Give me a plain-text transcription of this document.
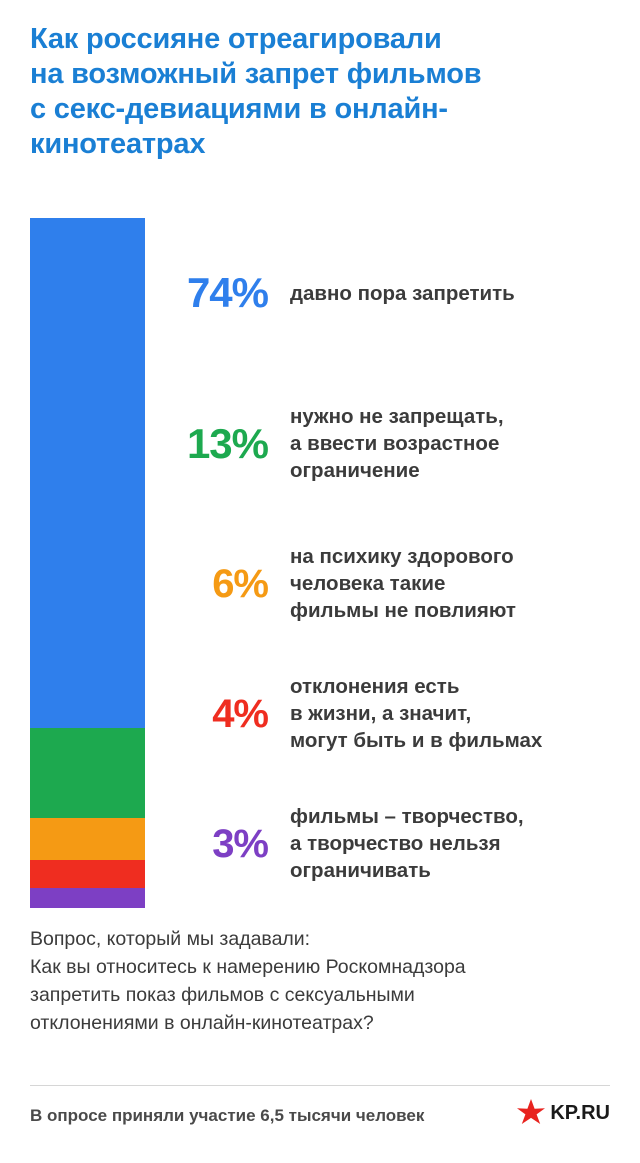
Как россияне отреагировали
на возможный запрет фильмов
с секс-девиациями в онлайн-
кинотеатрах
74%	давно пора запретить
13%
нужно не запрещать,
а ввести возрастное
ограничение
6%
на психику здорового
человека такие
фильмы не повлияют
4%
отклонения есть
в жизни, а значит,
могут быть и в фильмах
3%
фильмы – творчество,
а творчество нельзя
ограничивать
Вопрос, который мы задавали:
Как вы относитесь к намерению Роскомнадзора
запретить показ фильмов с сексуальными
отклонениями в онлайн-кинотеатрах?
В опросе приняли участие 6,5 тысячи человек	KP.RU
